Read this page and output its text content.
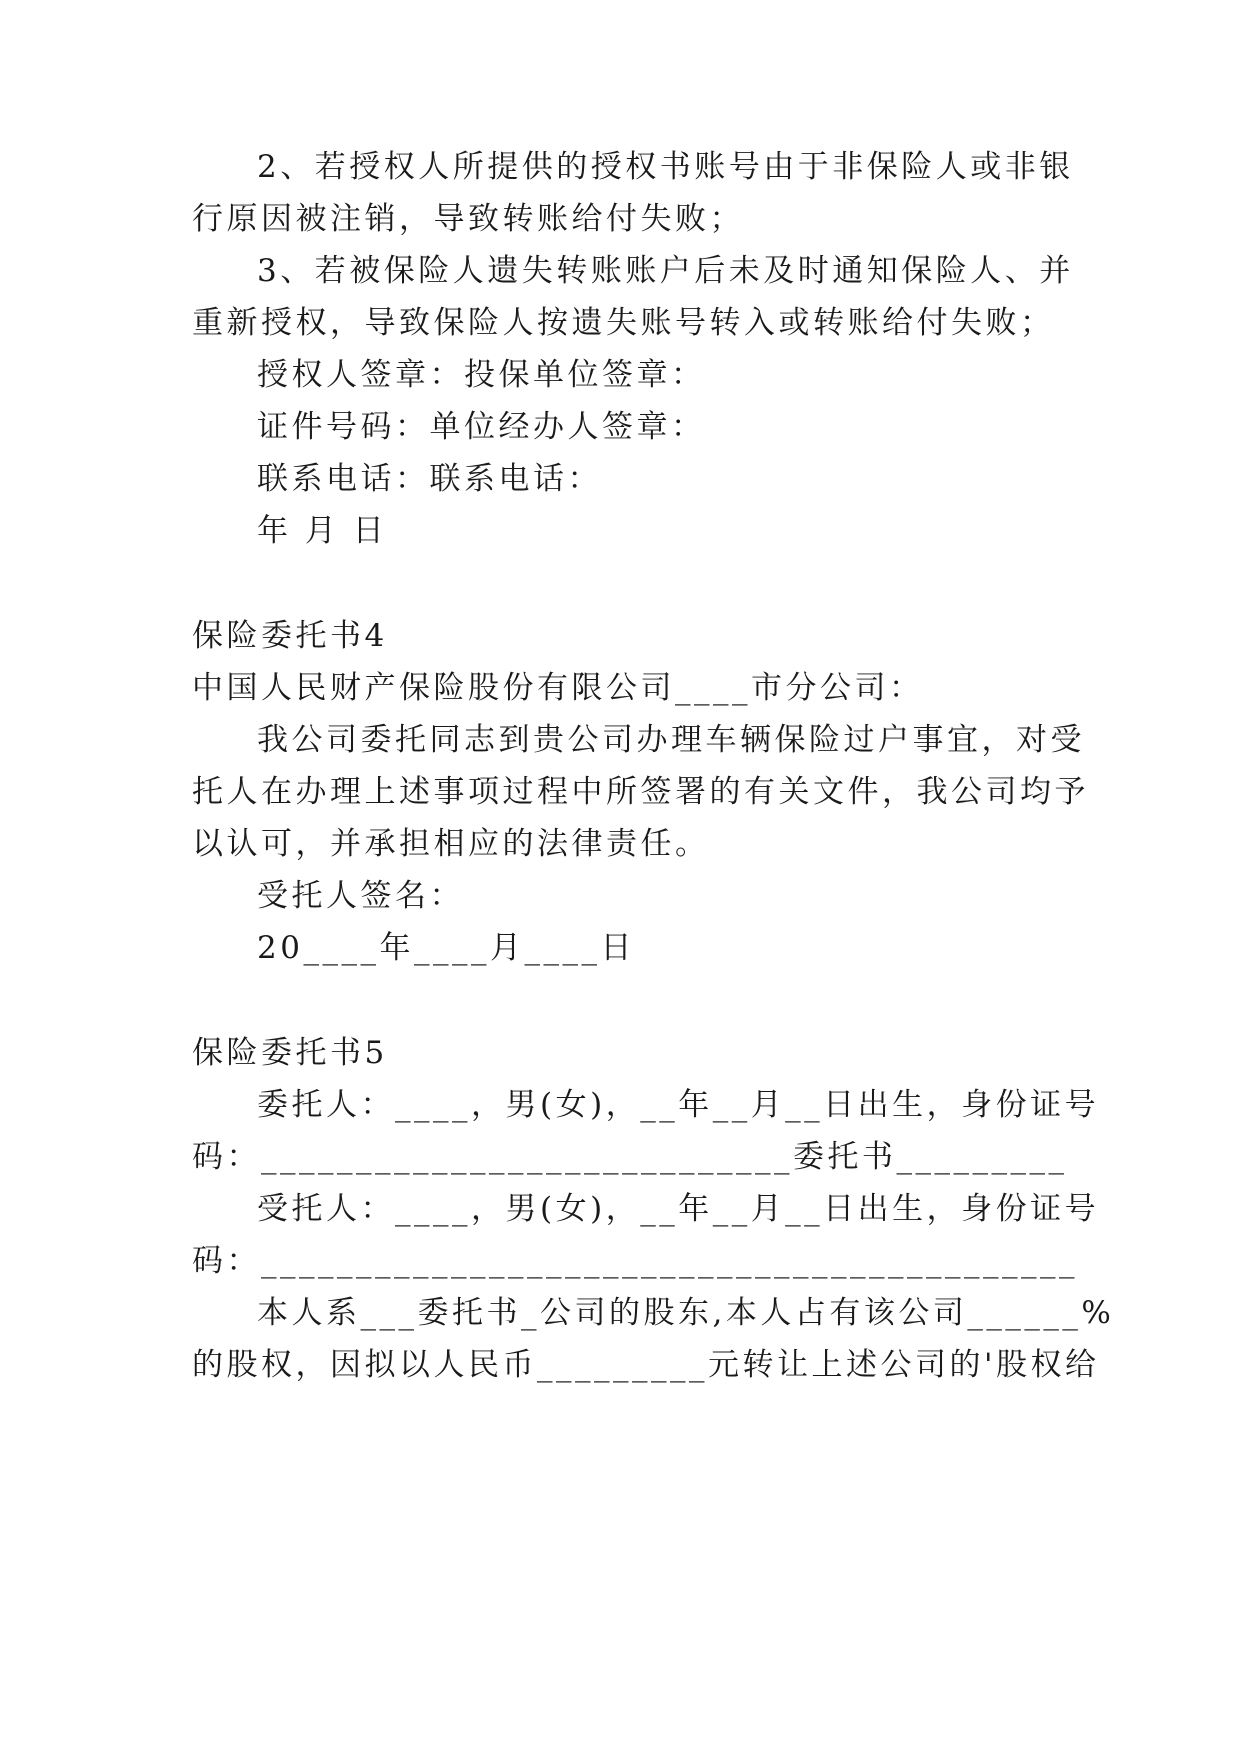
2、若授权人所提供的授权书账号由于非保险人或非银

行原因被注销，导致转账给付失败；

3、若被保险人遗失转账账户后未及时通知保险人、并

重新授权，导致保险人按遗失账号转入或转账给付失败；

授权人签章：投保单位签章：

证件号码：单位经办人签章：

联系电话：联系电话：

年 月 日

保险委托书4

中国人民财产保险股份有限公司____市分公司：

我公司委托同志到贵公司办理车辆保险过户事宜，对受

托人在办理上述事项过程中所签署的有关文件，我公司均予

以认可，并承担相应的法律责任。

受托人签名：

20____年____月____日

保险委托书5

委托人：____，男(女)，__年__月__日出生，身份证号

码：____________________________委托书_________

受托人：____，男(女)，__年__月__日出生，身份证号

码：___________________________________________

本人系___委托书_公司的股东,本人占有该公司______%

的股权，因拟以人民币_________元转让上述公司的'股权给
